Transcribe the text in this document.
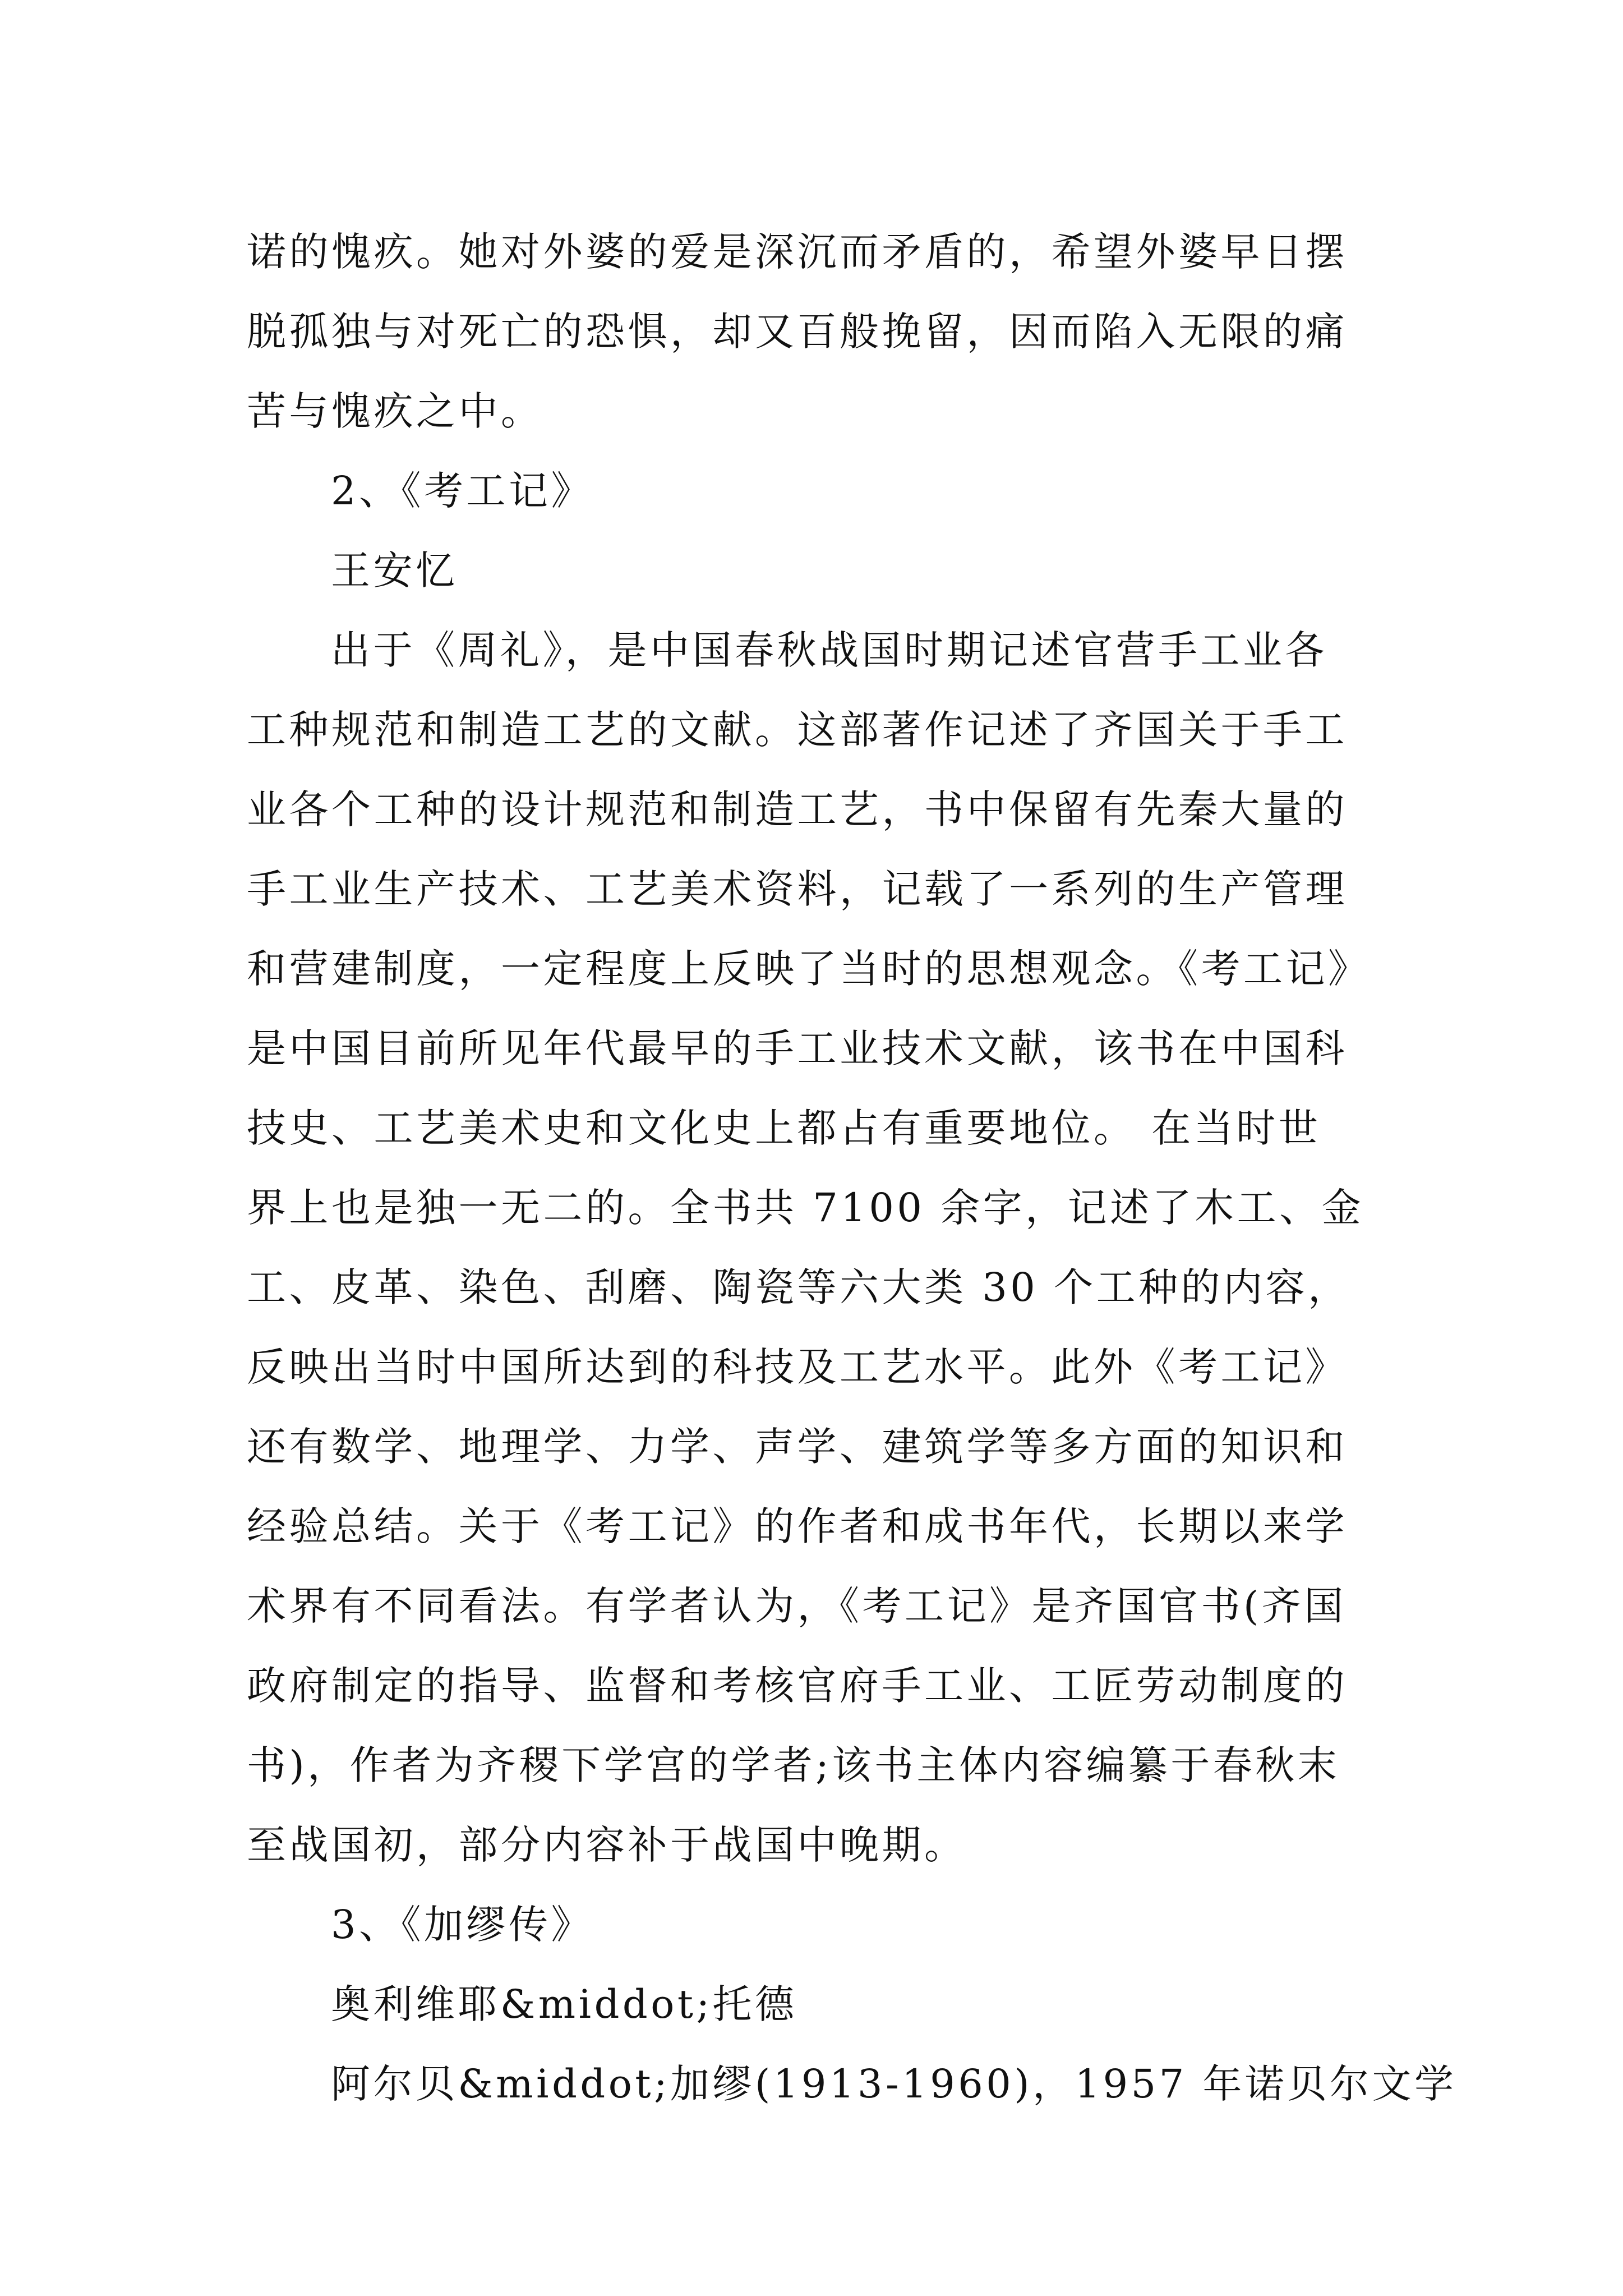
诺的愧疚。她对外婆的爱是深沉而矛盾的，希望外婆早日摆
脱孤独与对死亡的恐惧，却又百般挽留，因而陷入无限的痛
苦与愧疚之中。
2、《考工记》
王安忆
出于《周礼》，是中国春秋战国时期记述官营手工业各
工种规范和制造工艺的文献。这部著作记述了齐国关于手工
业各个工种的设计规范和制造工艺，书中保留有先秦大量的
手工业生产技术、工艺美术资料，记载了一系列的生产管理
和营建制度，一定程度上反映了当时的思想观念。《考工记》
是中国目前所见年代最早的手工业技术文献，该书在中国科
技史、工艺美术史和文化史上都占有重要地位。 在当时世
界上也是独一无二的。全书共 7100 余字，记述了木工、金
工、皮革、染色、刮磨、陶瓷等六大类 30 个工种的内容，
反映出当时中国所达到的科技及工艺水平。此外《考工记》
还有数学、地理学、力学、声学、建筑学等多方面的知识和
经验总结。关于《考工记》的作者和成书年代，长期以来学
术界有不同看法。有学者认为，《考工记》是齐国官书(齐国
政府制定的指导、监督和考核官府手工业、工匠劳动制度的
书)，作者为齐稷下学宫的学者;该书主体内容编纂于春秋末
至战国初，部分内容补于战国中晚期。
3、《加缪传》
奥利维耶&middot;托德
阿尔贝&middot;加缪(1913-1960)，1957 年诺贝尔文学
